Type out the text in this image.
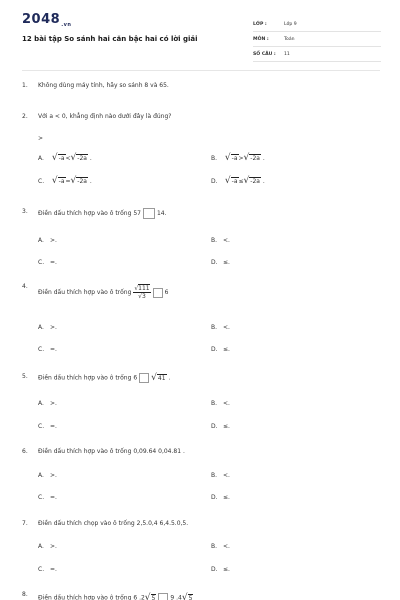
$2048_{.vn}$
12 bài tập So sánh hai căn bậc hai có lời giải
LỚP :	Lớp 9
MÔN :	Toán
SỐ CÂU :	11
1. Không dùng máy tính, hãy so sánh 8 và 65.
2. Với a < 0, khẳng định nào dưới đây là đúng?
>
A. √ -a < √ -2a .	B. √ -a > √ -2a .
C. √ -a = √ -2a .	D. √ -a ≤ √ -2a .
3. Điền dấu thích hợp vào ô trống 57	14.
A. >.	B. <.
C. =.	D. ≤.
4.
Điền dấu thích hợp vào ô trống $\frac{√111}{√3} 6$
A. >.	B. <.
C. =.	D. ≤.
5. Điền dấu thích hợp vào ô trống 6 √ 41 .
A. >.	B. <.
C. =.	D. ≤.
6. Điền dấu thích hợp vào ô trống 0,09.64 0,04.81 .
A. >.	B. <.
C. =.	D. ≤.
7. Điền dấu thích chọp vào ô trống 2,5.0,4 6,4.5.0,5.
A. >.	B. <.
C. =.	D. ≤.
8. Điền dấu thích hợp vào ô trống 6 .2 √ 5	9 .4 √ 5
